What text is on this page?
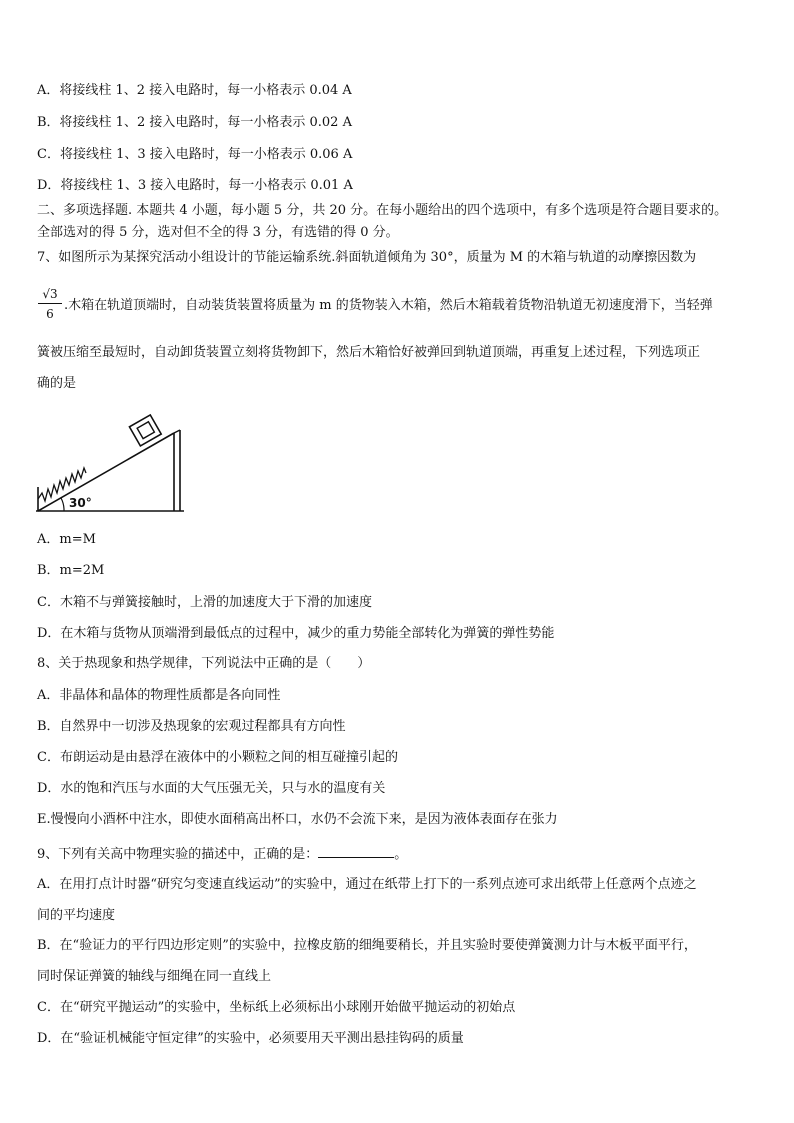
A．将接线柱 1、2 接入电路时，每一小格表示 0.04 A
B．将接线柱 1、2 接入电路时，每一小格表示 0.02 A
C．将接线柱 1、3 接入电路时，每一小格表示 0.06 A
D．将接线柱 1、3 接入电路时，每一小格表示 0.01 A
二、多项选择题. 本题共 4 小题，每小题 5 分，共 20 分。在每小题给出的四个选项中，有多个选项是符合题目要求的。
全部选对的得 5 分，选对但不全的得 3 分，有选错的得 0 分。
7、如图所示为某探究活动小组设计的节能运输系统.斜面轨道倾角为 30°，质量为 M 的木箱与轨道的动摩擦因数为
$\frac{√3}{6}$ .木箱在轨道顶端时，自动装货装置将质量为 m 的货物装入木箱，然后木箱载着货物沿轨道无初速度滑下，当轻弹
簧被压缩至最短时，自动卸货装置立刻将货物卸下，然后木箱恰好被弹回到轨道顶端，再重复上述过程，下列选项正
确的是
30°
A．m=M
B．m=2M
C．木箱不与弹簧接触时，上滑的加速度大于下滑的加速度
D．在木箱与货物从顶端滑到最低点的过程中，减少的重力势能全部转化为弹簧的弹性势能
8、关于热现象和热学规律，下列说法中正确的是（　　）
A．非晶体和晶体的物理性质都是各向同性
B．自然界中一切涉及热现象的宏观过程都具有方向性
C．布朗运动是由悬浮在液体中的小颗粒之间的相互碰撞引起的
D．水的饱和汽压与水面的大气压强无关，只与水的温度有关
E.慢慢向小酒杯中注水，即使水面稍高出杯口，水仍不会流下来，是因为液体表面存在张力
9、下列有关高中物理实验的描述中，正确的是：	。
A．在用打点计时器“研究匀变速直线运动”的实验中，通过在纸带上打下的一系列点迹可求出纸带上任意两个点迹之
间的平均速度
B．在“验证力的平行四边形定则”的实验中，拉橡皮筋的细绳要稍长，并且实验时要使弹簧测力计与木板平面平行，
同时保证弹簧的轴线与细绳在同一直线上
C．在“研究平抛运动”的实验中，坐标纸上必须标出小球刚开始做平抛运动的初始点
D．在“验证机械能守恒定律”的实验中，必须要用天平测出悬挂钩码的质量
